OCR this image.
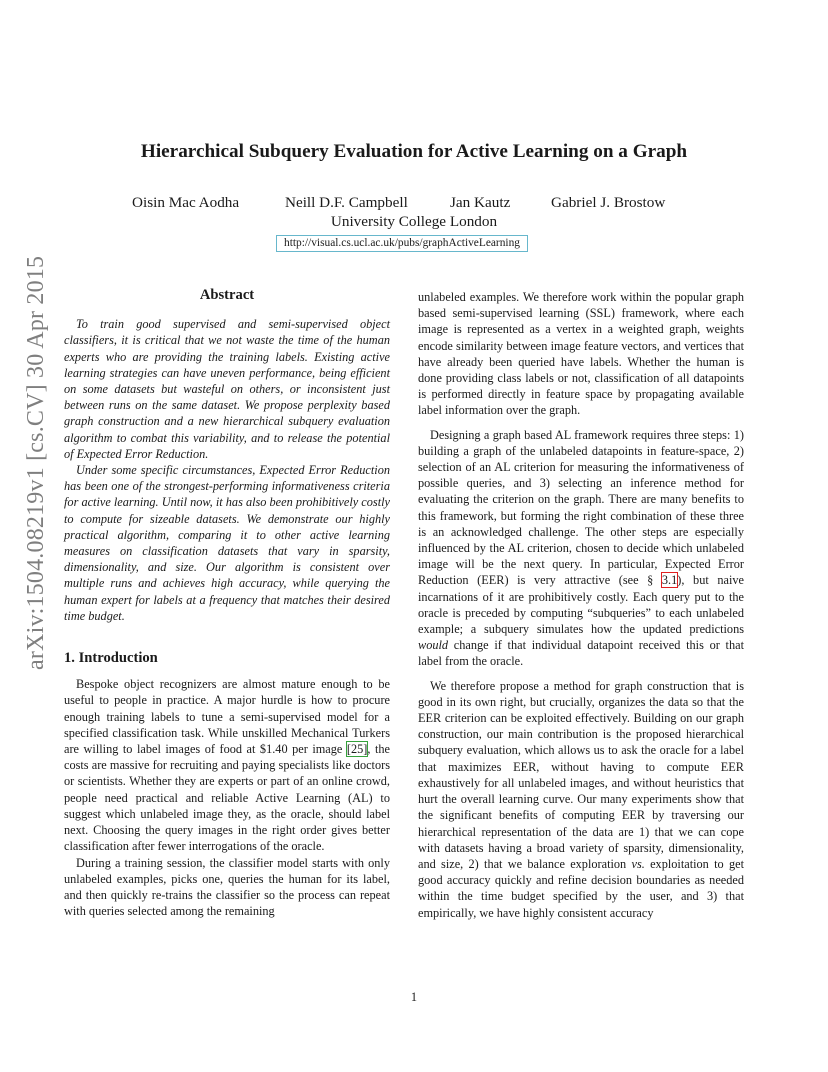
Hierarchical Subquery Evaluation for Active Learning on a Graph
Oisin Mac Aodha	Neill D.F. Campbell	Jan Kautz	Gabriel J. Brostow
University College London
http://visual.cs.ucl.ac.uk/pubs/graphActiveLearning
arXiv:1504.08219v1 [cs.CV] 30 Apr 2015	Abstract

To train good supervised and semi-supervised object classifiers, it is critical that we not waste the time of the human experts who are providing the training labels. Existing active learning strategies can have uneven performance, being efficient on some datasets but wasteful on others, or inconsistent just between runs on the same dataset. We propose perplexity based graph construction and a new hierarchical subquery evaluation algorithm to combat this variability, and to release the potential of Expected Error Reduction.

Under some specific circumstances, Expected Error Reduction has been one of the strongest-performing informativeness criteria for active learning. Until now, it has also been prohibitively costly to compute for sizeable datasets. We demonstrate our highly practical algorithm, comparing it to other active learning measures on classification datasets that vary in sparsity, dimensionality, and size. Our algorithm is consistent over multiple runs and achieves high accuracy, while querying the human expert for labels at a frequency that matches their desired time budget.

1. Introduction

Bespoke object recognizers are almost mature enough to be useful to people in practice. A major hurdle is how to procure enough training labels to tune a semi-supervised model for a specified classification task. While unskilled Mechanical Turkers are willing to label images of food at $1.40 per image [25], the costs are massive for recruiting and paying specialists like doctors or scientists. Whether they are experts or part of an online crowd, people need practical and reliable Active Learning (AL) to suggest which unlabeled image they, as the oracle, should label next. Choosing the query images in the right order gives better classification after fewer interrogations of the oracle.

During a training session, the classifier model starts with only unlabeled examples, picks one, queries the human for its label, and then quickly re-trains the classifier so the process can repeat with queries selected among the remaining

unlabeled examples. We therefore work within the popular graph based semi-supervised learning (SSL) framework, where each image is represented as a vertex in a weighted graph, weights encode similarity between image feature vectors, and vertices that have already been queried have labels. Whether the human is done providing class labels or not, classification of all datapoints is performed directly in feature space by propagating available label information over the graph.

Designing a graph based AL framework requires three steps: 1) building a graph of the unlabeled datapoints in feature-space, 2) selection of an AL criterion for measuring the informativeness of possible queries, and 3) selecting an inference method for evaluating the criterion on the graph. There are many benefits to this framework, but forming the right combination of these three is an acknowledged challenge. The other steps are especially influenced by the AL criterion, chosen to decide which unlabeled image will be the next query. In particular, Expected Error Reduction (EER) is very attractive (see § 3.1), but naive incarnations of it are prohibitively costly. Each query put to the oracle is preceded by computing “subqueries” to each unlabeled example; a subquery simulates how the updated predictions would change if that individual datapoint received this or that label from the oracle.

We therefore propose a method for graph construction that is good in its own right, but crucially, organizes the data so that the EER criterion can be exploited effectively. Building on our graph construction, our main contribution is the proposed hierarchical subquery evaluation, which allows us to ask the oracle for a label that maximizes EER, without having to compute EER exhaustively for all unlabeled images, and without heuristics that hurt the overall learning curve. Our many experiments show that the significant benefits of computing EER by traversing our hierarchical representation of the data are 1) that we can cope with datasets having a broad variety of sparsity, dimensionality, and size, 2) that we balance exploration vs. exploitation to get good accuracy quickly and refine decision boundaries as needed within the time budget specified by the user, and 3) that empirically, we have highly consistent accuracy

1
